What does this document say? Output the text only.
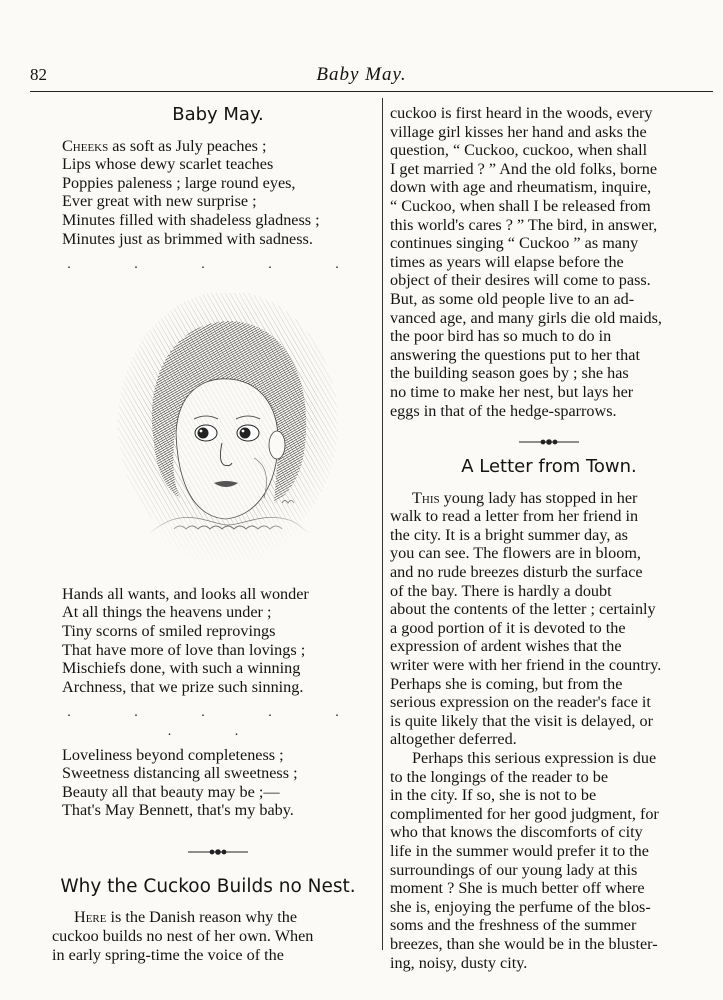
82	Baby May.
Baby May.
Cheeks as soft as July peaches ;
Lips whose dewy scarlet teaches
Poppies paleness ; large round eyes,
Ever great with new surprise ;
Minutes filled with shadeless gladness ;
Minutes just as brimmed with sadness.
. . . . .
Hands all wants, and looks all wonder
At all things the heavens under ;
Tiny scorns of smiled reprovings
That have more of love than lovings ;
Mischiefs done, with such a winning
Archness, that we prize such sinning.
. . . . . . .
Loveliness beyond completeness ;
Sweetness distancing all sweetness ;
Beauty all that beauty may be ;—
That's May Bennett, that's my baby.
Why the Cuckoo Builds no Nest.
Here is the Danish reason why the
cuckoo builds no nest of her own. When
in early spring-time the voice of the
cuckoo is first heard in the woods, every
village girl kisses her hand and asks the
question, “ Cuckoo, cuckoo, when shall
I get married ? ” And the old folks, borne
down with age and rheumatism, inquire,
“ Cuckoo, when shall I be released from
this world's cares ? ” The bird, in answer,
continues singing “ Cuckoo ” as many
times as years will elapse before the
object of their desires will come to pass.
But, as some old people live to an ad-
vanced age, and many girls die old maids,
the poor bird has so much to do in
answering the questions put to her that
the building season goes by ; she has
no time to make her nest, but lays her
eggs in that of the hedge-sparrows.
A Letter from Town.
This young lady has stopped in her
walk to read a letter from her friend in
the city. It is a bright summer day, as
you can see. The flowers are in bloom,
and no rude breezes disturb the surface
of the bay. There is hardly a doubt
about the contents of the letter ; certainly
a good portion of it is devoted to the
expression of ardent wishes that the
writer were with her friend in the country.
Perhaps she is coming, but from the
serious expression on the reader's face it
is quite likely that the visit is delayed, or
altogether deferred.
Perhaps this serious expression is due
to the longings of the reader to be
in the city. If so, she is not to be
complimented for her good judgment, for
who that knows the discomforts of city
life in the summer would prefer it to the
surroundings of our young lady at this
moment ? She is much better off where
she is, enjoying the perfume of the blos-
soms and the freshness of the summer
breezes, than she would be in the bluster-
ing, noisy, dusty city.
